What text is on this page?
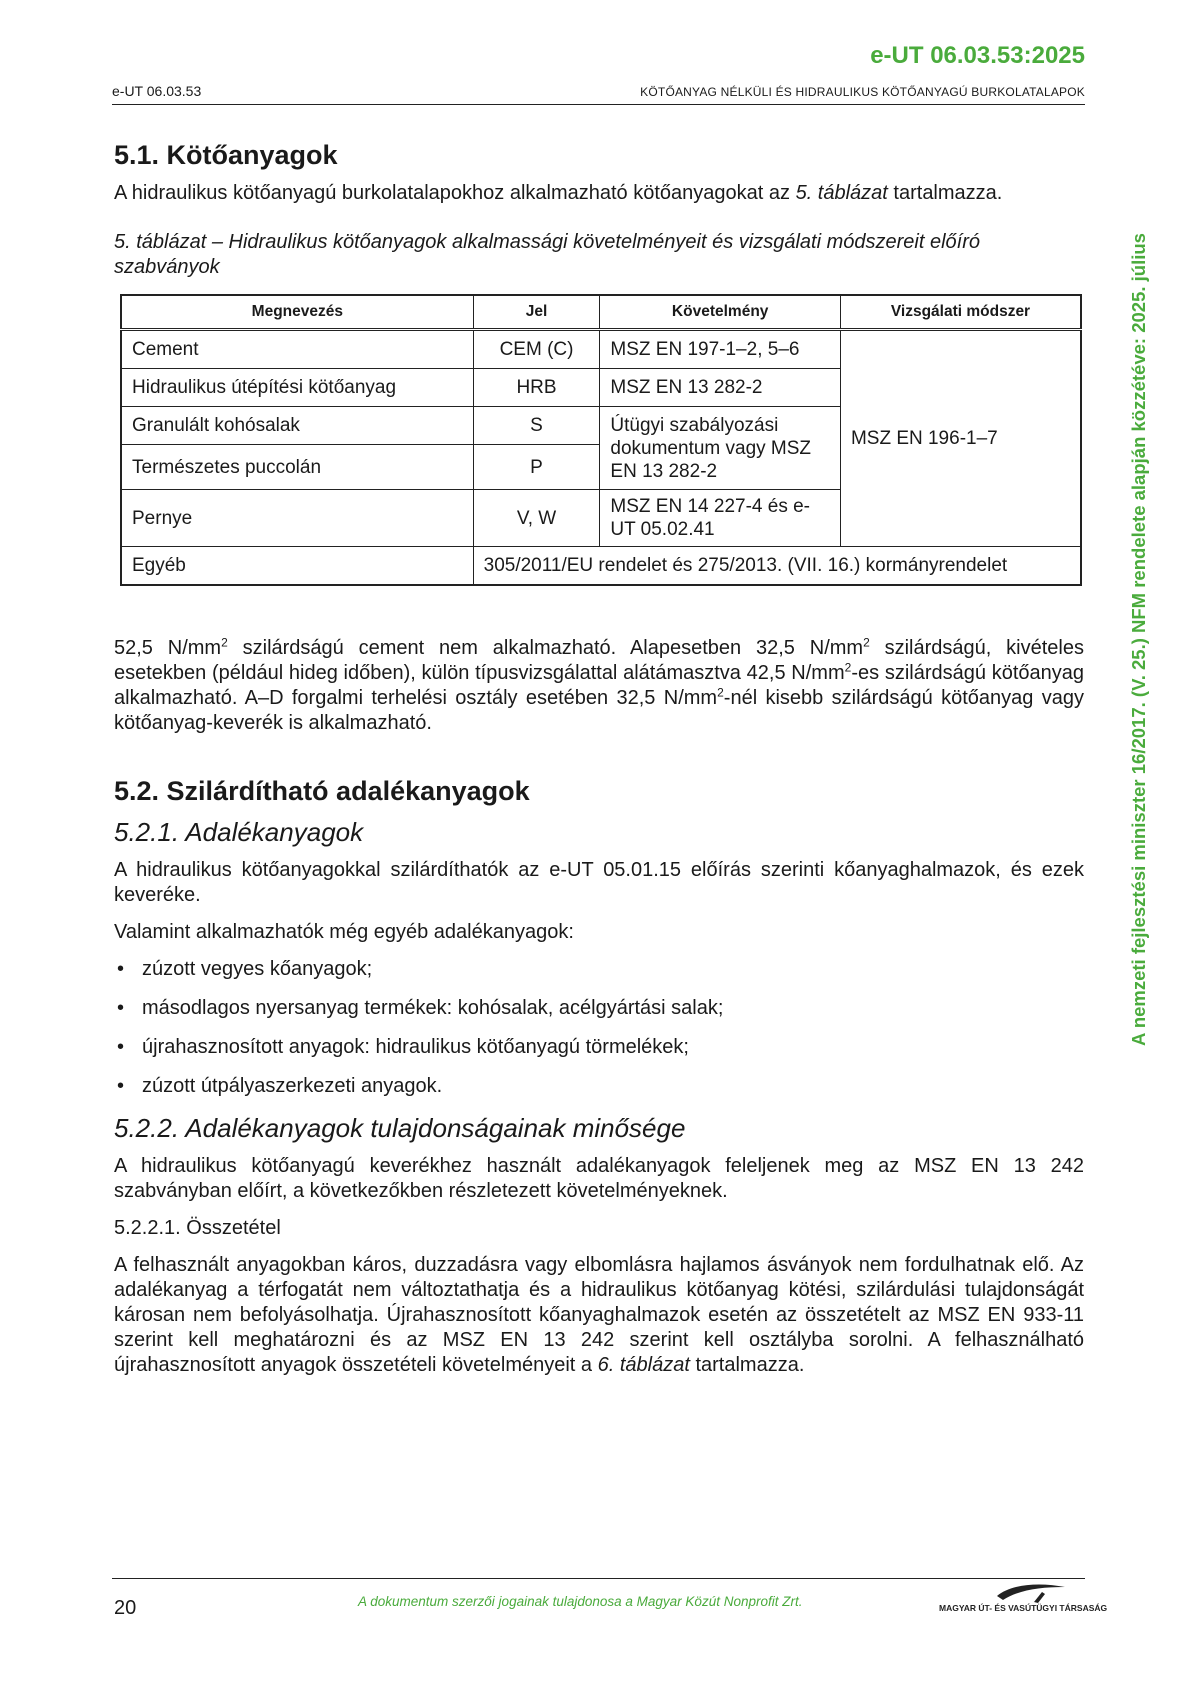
e-UT 06.03.53:2025
e-UT 06.03.53	KÖTŐANYAG NÉLKÜLI ÉS HIDRAULIKUS KÖTŐANYAGÚ BURKOLATALAPOK
A nemzeti fejlesztési miniszter 16/2017. (V. 25.) NFM rendelete alapján közzétéve: 2025. július
5.1. Kötőanyagok

A hidraulikus kötőanyagú burkolatalapokhoz alkalmazható kötőanyagokat az 5. táblázat tartalmazza.

5. táblázat – Hidraulikus kötőanyagok alkalmassági követelményeit és vizsgálati módszereit előíró szabványok

Megnevezés	Jel	Követelmény	Vizsgálati módszer
Cement	CEM (C)	MSZ EN 197-1–2, 5–6	MSZ EN 196-1–7
Hidraulikus útépítési kötőanyag	HRB	MSZ EN 13 282-2	
Granulált kohósalak	S	Útügyi szabályozási dokumentum vagy MSZ EN 13 282-2	
Természetes puccolán	P		
Pernye	V, W	MSZ EN 14 227-4 és e-UT 05.02.41	
Egyéb	305/2011/EU rendelet és 275/2013. (VII. 16.) kormányrendelet		

52,5 $N/mm^2$ szilárdságú cement nem alkalmazható. Alapesetben 32,5 $N/mm^2$ szilárdságú, kivételes esetekben (például hideg időben), külön típusvizsgálattal alátámasztva 42,5 $N/mm^2-es$ szilárdságú kötőanyag alkalmazható. A–D forgalmi terhelési osztály esetében 32,5 $N/mm^2$-nél kisebb szilárdságú kötőanyag vagy kötőanyag-keverék is alkalmazható.

5.2. Szilárdítható adalékanyagok
5.2.1. Adalékanyagok

A hidraulikus kötőanyagokkal szilárdíthatók az e-UT 05.01.15 előírás szerinti kőanyaghalmazok, és ezek keveréke.

Valamint alkalmazhatók még egyéb adalékanyagok:

• zúzott vegyes kőanyagok;
• másodlagos nyersanyag termékek: kohósalak, acélgyártási salak;
• újrahasznosított anyagok: hidraulikus kötőanyagú törmelékek;
• zúzott útpályaszerkezeti anyagok.
5.2.2. Adalékanyagok tulajdonságainak minősége

A hidraulikus kötőanyagú keverékhez használt adalékanyagok feleljenek meg az MSZ EN 13 242 szabványban előírt, a következőkben részletezett követelményeknek.

5.2.2.1. Összetétel

A felhasznált anyagokban káros, duzzadásra vagy elbomlásra hajlamos ásványok nem fordulhatnak elő. Az adalékanyag a térfogatát nem változtathatja és a hidraulikus kötőanyag kötési, szilárdulási tulajdonságát károsan nem befolyásolhatja. Újrahasznosított kőanyaghalmazok esetén az összetételt az MSZ EN 933-11 szerint kell meghatározni és az MSZ EN 13 242 szerint kell osztályba sorolni. A felhasználható újrahasznosított anyagok összetételi követelményeit a 6. táblázat tartalmazza.

20	A dokumentum szerzői jogainak tulajdonosa a Magyar Közút Nonprofit Zrt.	MAGYAR ÚT- ÉS VASÚTÜGYI TÁRSASÁG
